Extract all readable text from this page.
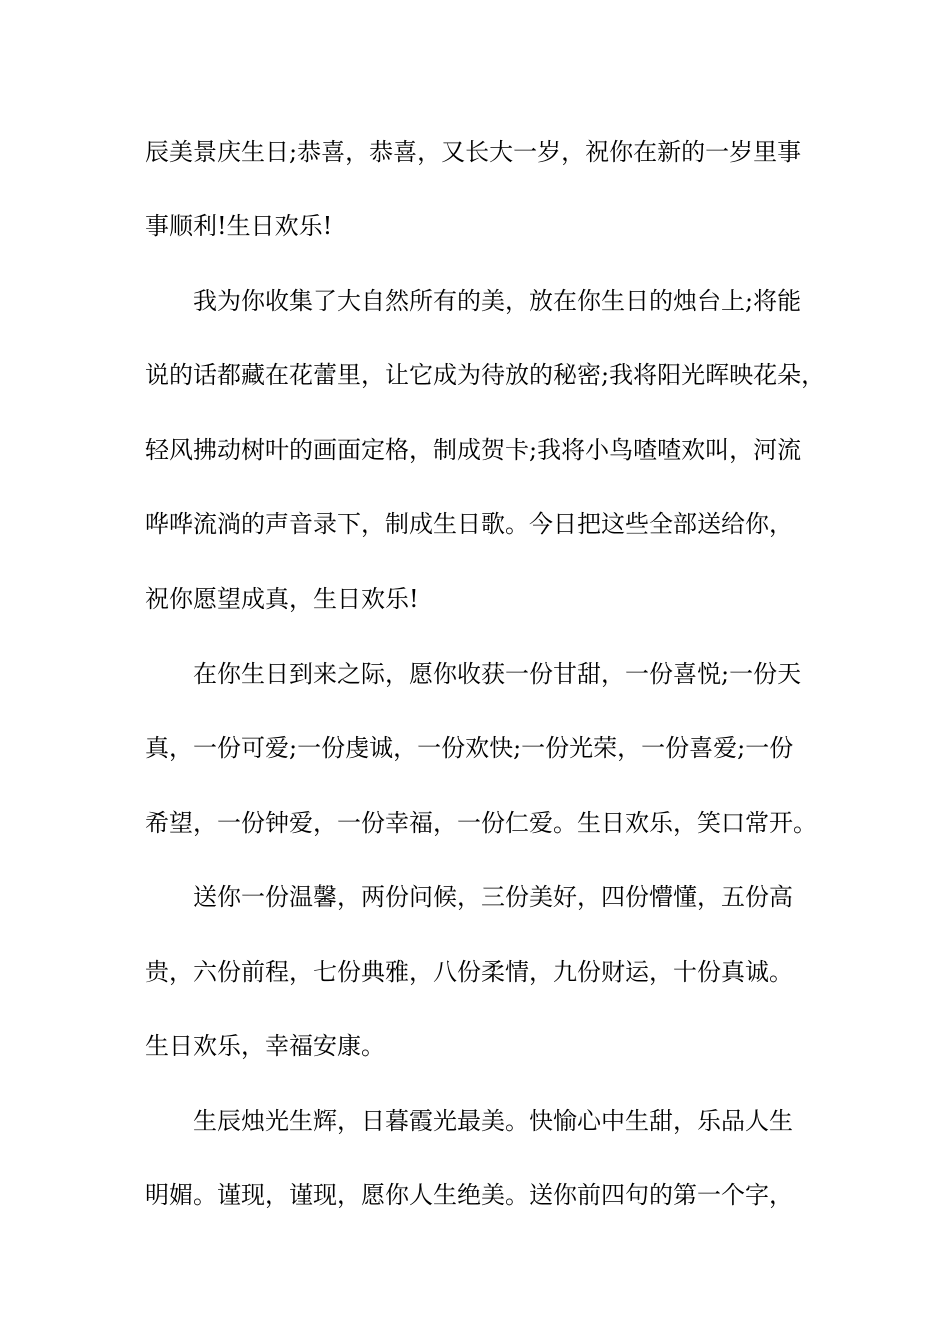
辰美景庆生日;恭喜，恭喜，又长大一岁，祝你在新的一岁里事
事顺利!生日欢乐!
我为你收集了大自然所有的美，放在你生日的烛台上;将能
说的话都藏在花蕾里，让它成为待放的秘密;我将阳光晖映花朵，
轻风拂动树叶的画面定格，制成贺卡;我将小鸟喳喳欢叫，河流
哗哗流淌的声音录下，制成生日歌。今日把这些全部送给你，
祝你愿望成真，生日欢乐!
在你生日到来之际，愿你收获一份甘甜，一份喜悦;一份天
真，一份可爱;一份虔诚，一份欢快;一份光荣，一份喜爱;一份
希望，一份钟爱，一份幸福，一份仁爱。生日欢乐，笑口常开。
送你一份温馨，两份问候，三份美好，四份懵懂，五份高
贵，六份前程，七份典雅，八份柔情，九份财运，十份真诚。
生日欢乐，幸福安康。
生辰烛光生辉，日暮霞光最美。快愉心中生甜，乐品人生
明媚。谨现，谨现，愿你人生绝美。送你前四句的第一个字，
